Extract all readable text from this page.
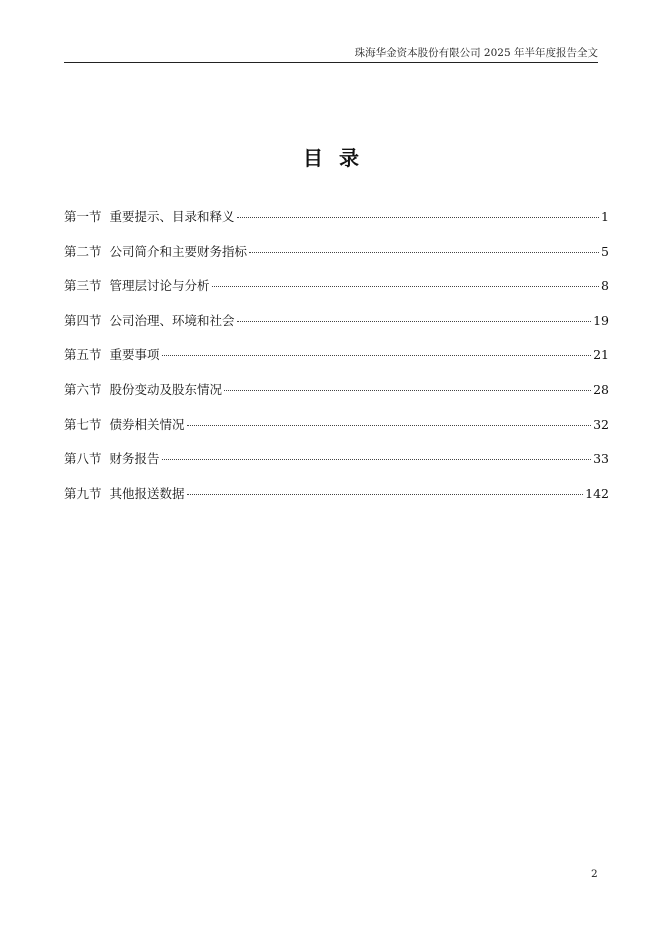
珠海华金资本股份有限公司 2025 年半年度报告全文
目录
第一节 重要提示、目录和释义	1
第二节 公司简介和主要财务指标	5
第三节 管理层讨论与分析	8
第四节 公司治理、环境和社会	19
第五节 重要事项	21
第六节 股份变动及股东情况	28
第七节 债券相关情况	32
第八节 财务报告	33
第九节 其他报送数据	142
2
